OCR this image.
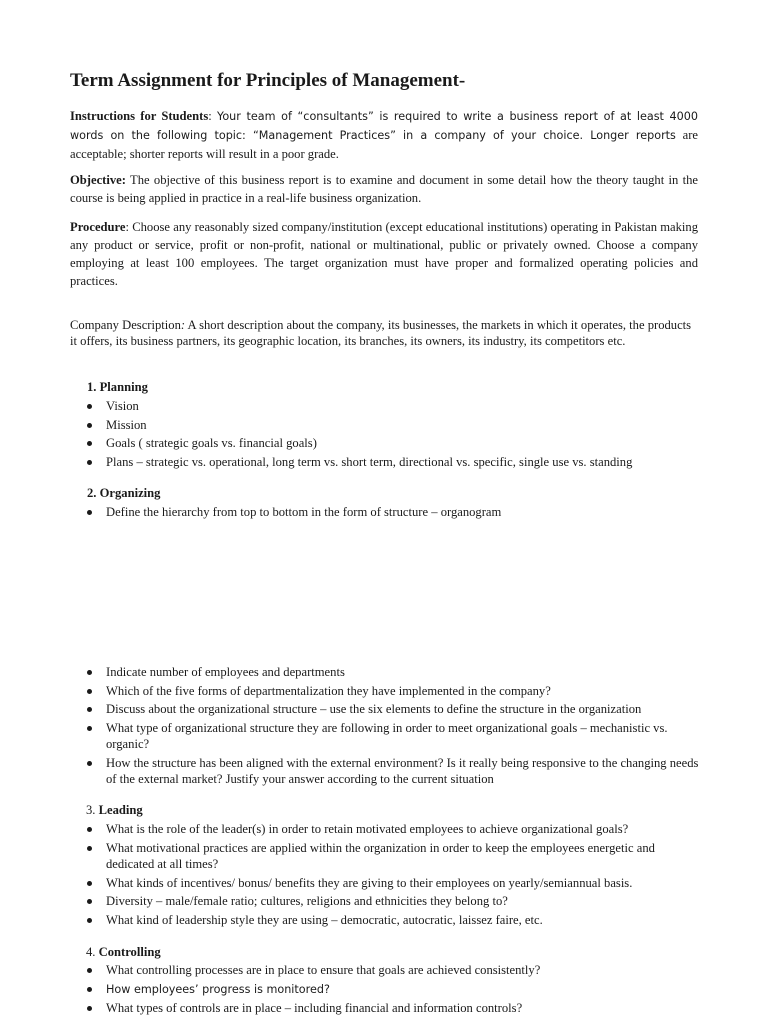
Term Assignment for Principles of Management-

Instructions for Students: Your team of “consultants” is required to write a business report of at least 4000 words on the following topic: “Management Practices” in a company of your choice. Longer reports are acceptable; shorter reports will result in a poor grade.

Objective: The objective of this business report is to examine and document in some detail how the theory taught in the course is being applied in practice in a real-life business organization.

Procedure: Choose any reasonably sized company/institution (except educational institutions) operating in Pakistan making any product or service, profit or non-profit, national or multinational, public or privately owned. Choose a company employing at least 100 employees. The target organization must have proper and formalized operating policies and practices.

Company Description: A short description about the company, its businesses, the markets in which it operates, the products it offers, its business partners, its geographic location, its branches, its owners, its industry, its competitors etc.

1. Planning

Vision
Mission
Goals ( strategic goals vs. financial goals)
Plans – strategic vs. operational, long term vs. short term, directional vs. specific, single use vs. standing

2. Organizing

Define the hierarchy from top to bottom in the form of structure – organogram
Indicate number of employees and departments
Which of the five forms of departmentalization they have implemented in the company?
Discuss about the organizational structure – use the six elements to define the structure in the organization
What type of organizational structure they are following in order to meet organizational goals – mechanistic vs. organic?
How the structure has been aligned with the external environment? Is it really being responsive to the changing needs of the external market? Justify your answer according to the current situation

3. Leading

What is the role of the leader(s) in order to retain motivated employees to achieve organizational goals?
What motivational practices are applied within the organization in order to keep the employees energetic and dedicated at all times?
What kinds of incentives/ bonus/ benefits they are giving to their employees on yearly/semiannual basis.
Diversity – male/female ratio; cultures, religions and ethnicities they belong to?
What kind of leadership style they are using – democratic, autocratic, laissez faire, etc.

4. Controlling

What controlling processes are in place to ensure that goals are achieved consistently?
How employees’ progress is monitored?
What types of controls are in place – including financial and information controls?
